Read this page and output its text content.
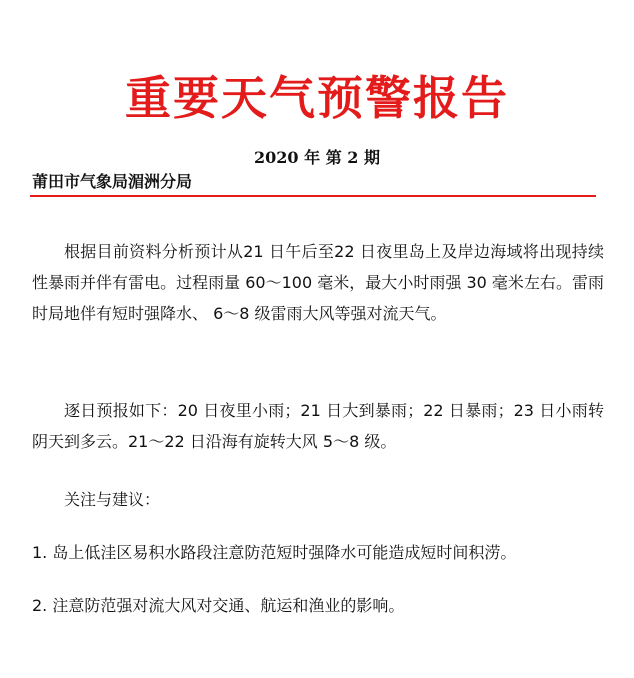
重要天气预警报告
2020 年 第 2 期
莆田市气象局湄洲分局
根据目前资料分析预计从21 日午后至22 日夜里岛上及岸边海域将出现持续性暴雨并伴有雷电。过程雨量 60～100 毫米，最大小时雨强 30 毫米左右。雷雨时局地伴有短时强降水、 6～8 级雷雨大风等强对流天气。
逐日预报如下：20 日夜里小雨；21 日大到暴雨；22 日暴雨；23 日小雨转阴天到多云。21～22 日沿海有旋转大风 5～8 级。
关注与建议：
1. 岛上低洼区易积水路段注意防范短时强降水可能造成短时间积涝。
2. 注意防范强对流大风对交通、航运和渔业的影响。
